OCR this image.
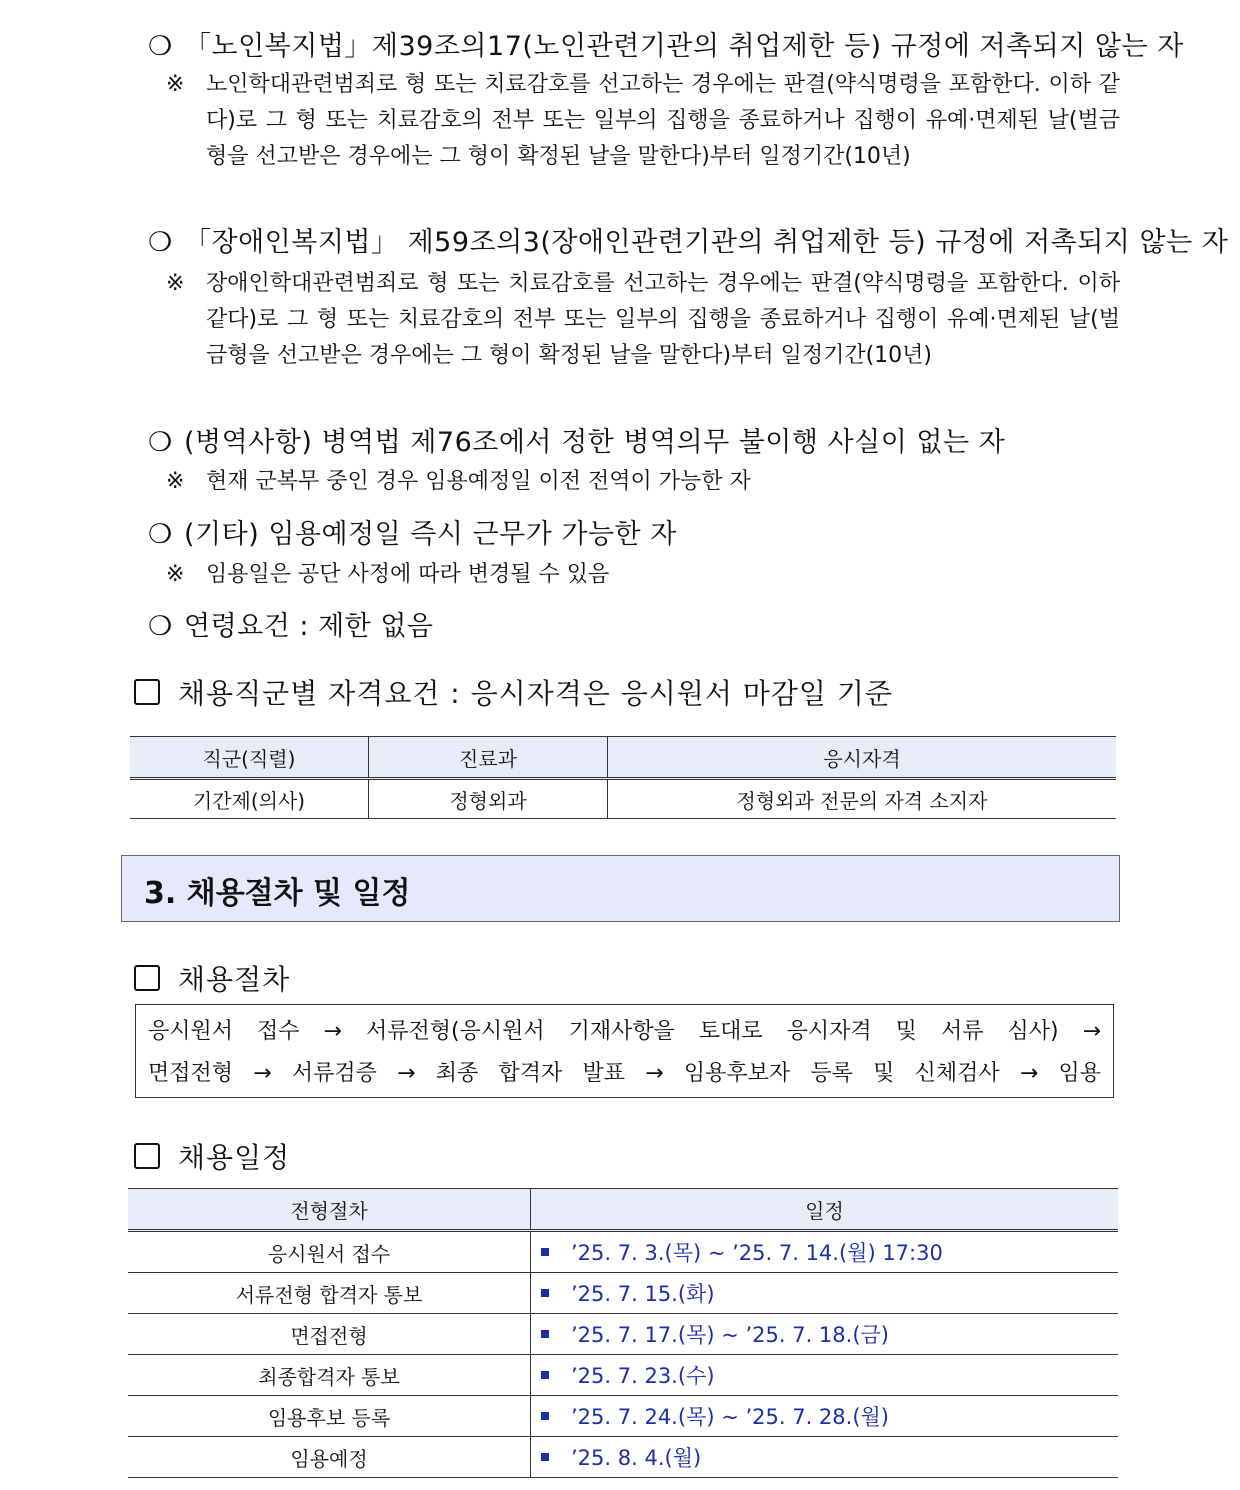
❍ 「노인복지법」제39조의17(노인관련기관의 취업제한 등) 규정에 저촉되지 않는 자
※ 노인학대관련범죄로 형 또는 치료감호를 선고하는 경우에는 판결(약식명령을 포함한다. 이하 같다)로 그 형 또는 치료감호의 전부 또는 일부의 집행을 종료하거나 집행이 유예·면제된 날(벌금형을 선고받은 경우에는 그 형이 확정된 날을 말한다)부터 일정기간(10년)
❍ 「장애인복지법」 제59조의3(장애인관련기관의 취업제한 등) 규정에 저촉되지 않는 자
※ 장애인학대관련범죄로 형 또는 치료감호를 선고하는 경우에는 판결(약식명령을 포함한다. 이하 같다)로 그 형 또는 치료감호의 전부 또는 일부의 집행을 종료하거나 집행이 유예·면제된 날(벌금형을 선고받은 경우에는 그 형이 확정된 날을 말한다)부터 일정기간(10년)
❍ (병역사항) 병역법 제76조에서 정한 병역의무 불이행 사실이 없는 자
※ 현재 군복무 중인 경우 임용예정일 이전 전역이 가능한 자
❍ (기타) 임용예정일 즉시 근무가 가능한 자
※ 임용일은 공단 사정에 따라 변경될 수 있음
❍ 연령요건 : 제한 없음
채용직군별 자격요건 : 응시자격은 응시원서 마감일 기준
직군(직렬)	진료과	응시자격
기간제(의사)	정형외과	정형외과 전문의 자격 소지자
3. 채용절차 및 일정
채용절차
응시원서 접수 → 서류전형(응시원서 기재사항을 토대로 응시자격 및 서류 심사) →
면접전형 → 서류검증 → 최종 합격자 발표 → 임용후보자 등록 및 신체검사 → 임용
채용일정
전형절차	일정
응시원서 접수	’25. 7. 3.(목) ~ ’25. 7. 14.(월) 17:30
서류전형 합격자 통보	’25. 7. 15.(화)
면접전형	’25. 7. 17.(목) ~ ’25. 7. 18.(금)
최종합격자 통보	’25. 7. 23.(수)
임용후보 등록	’25. 7. 24.(목) ~ ’25. 7. 28.(월)
임용예정	’25. 8. 4.(월)
